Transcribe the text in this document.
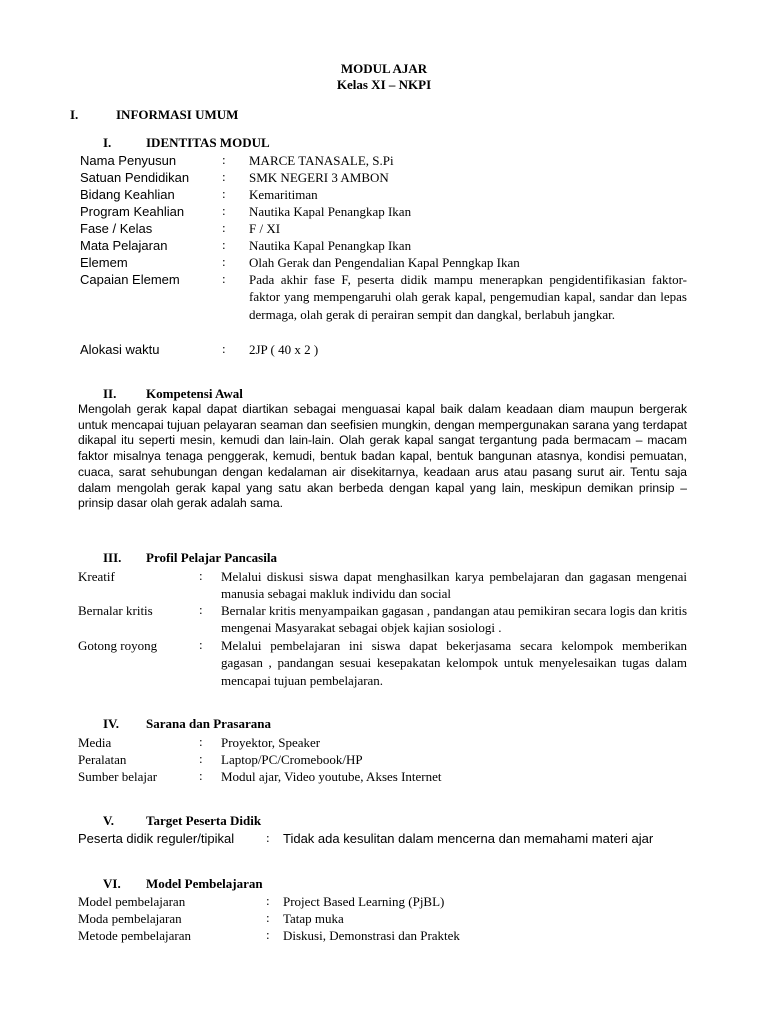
MODUL AJAR
Kelas XI – NKPI
I.	INFORMASI UMUM
I.	IDENTITAS MODUL
Nama Penyusun	: MARCE TANASALE, S.Pi
Satuan Pendidikan	: SMK NEGERI 3 AMBON
Bidang Keahlian	: Kemaritiman
Program Keahlian	: Nautika Kapal Penangkap Ikan
Fase / Kelas	: F / XI
Mata Pelajaran	: Nautika Kapal Penangkap Ikan
Elemem	: Olah Gerak dan Pengendalian Kapal Penngkap Ikan
Capaian Elemem	: Pada akhir fase F, peserta didik mampu menerapkan pengidentifikasian faktor-faktor yang mempengaruhi olah gerak kapal, pengemudian kapal, sandar dan lepas dermaga, olah gerak di perairan sempit dan dangkal, berlabuh jangkar.
Alokasi waktu	: 2JP ( 40 x 2 )
II. Kompetensi Awal
Mengolah gerak kapal dapat diartikan sebagai menguasai kapal baik dalam keadaan diam maupun bergerak untuk mencapai tujuan pelayaran seaman dan seefisien mungkin, dengan mempergunakan sarana yang terdapat dikapal itu seperti mesin, kemudi dan lain-lain. Olah gerak kapal sangat tergantung pada bermacam – macam faktor misalnya tenaga penggerak, kemudi, bentuk badan kapal, bentuk bangunan atasnya, kondisi pemuatan, cuaca, sarat sehubungan dengan kedalaman air disekitarnya, keadaan arus atau pasang surut air. Tentu saja dalam mengolah gerak kapal yang satu akan berbeda dengan kapal yang lain, meskipun demikan prinsip – prinsip dasar olah gerak adalah sama.
III. Profil Pelajar Pancasila
Kreatif	: Melalui diskusi siswa dapat menghasilkan karya pembelajaran dan gagasan mengenai manusia sebagai makluk individu dan social
Bernalar kritis	: Bernalar kritis menyampaikan gagasan , pandangan atau pemikiran secara logis dan kritis mengenai Masyarakat sebagai objek kajian sosiologi .
Gotong royong	: Melalui pembelajaran ini siswa dapat bekerjasama secara kelompok memberikan gagasan , pandangan sesuai kesepakatan kelompok untuk menyelesaikan tugas dalam mencapai tujuan pembelajaran.
IV. Sarana dan Prasarana
Media	: Proyektor, Speaker
Peralatan	: Laptop/PC/Cromebook/HP
Sumber belajar	: Modul ajar, Video youtube, Akses Internet
V. Target Peserta Didik
Peserta didik reguler/tipikal : Tidak ada kesulitan dalam mencerna dan memahami materi ajar
VI. Model Pembelajaran
Model pembelajaran	: Project Based Learning (PjBL)
Moda pembelajaran	: Tatap muka
Metode pembelajaran	: Diskusi, Demonstrasi dan Praktek
